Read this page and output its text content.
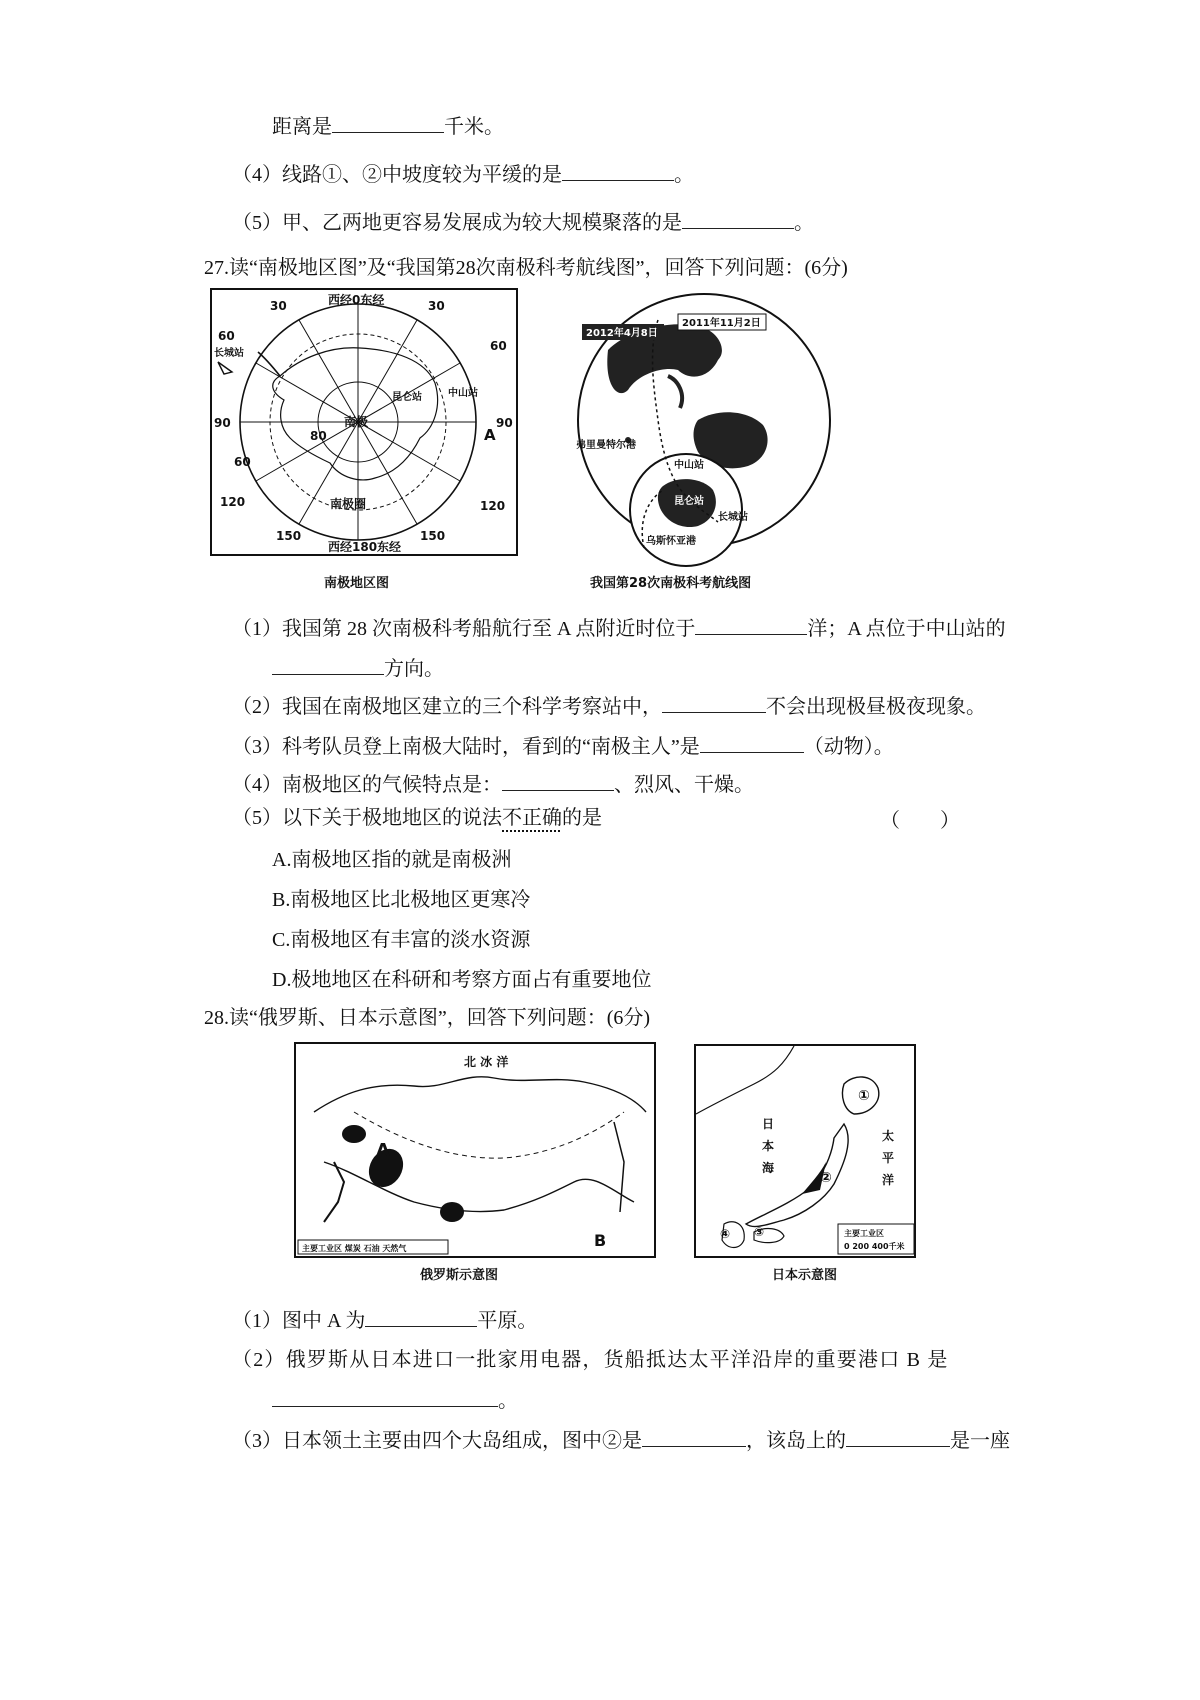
距离是	千米。
（4）线路①、②中坡度较为平缓的是	。
（5）甲、乙两地更容易发展成为较大规模聚落的是	。
27.读“南极地区图”及“我国第28次南极科考航线图”，回答下列问题：(6分)
西经0东经
西经180东经
30	30
60
60
90	90
60
120	120
150	150
80
南极
南极圈
长城站
中山站
昆仑站
A
南极地区图
2012年4月8日
2011年11月2日
弗里曼特尔港
中山站
昆仑站
长城站
乌斯怀亚港
我国第28次南极科考航线图
（1）我国第 28 次南极科考船航行至 A 点附近时位于	洋；A 点位于中山站的
方向。
（2）我国在南极地区建立的三个科学考察站中，	不会出现极昼极夜现象。
（3）科考队员登上南极大陆时，看到的“南极主人”是	（动物）。
（4）南极地区的气候特点是：	、烈风、干燥。
（5）以下关于极地地区的说法不正确的是	（　　）
A.南极地区指的就是南极洲
B.南极地区比北极地区更寒冷
C.南极地区有丰富的淡水资源
D.极地地区在科研和考察方面占有重要地位
28.读“俄罗斯、日本示意图”，回答下列问题：(6分)
北 冰 洋
A
B
主要工业区 煤炭 石油 天然气
俄罗斯示意图
①
②
③
④
日
本
海
太
平
洋
主要工业区
0 200 400千米
日本示意图
（1）图中 A 为	平原。
（2）俄罗斯从日本进口一批家用电器，货船抵达太平洋沿岸的重要港口 B 是
。
（3）日本领土主要由四个大岛组成，图中②是	，该岛上的	是一座
